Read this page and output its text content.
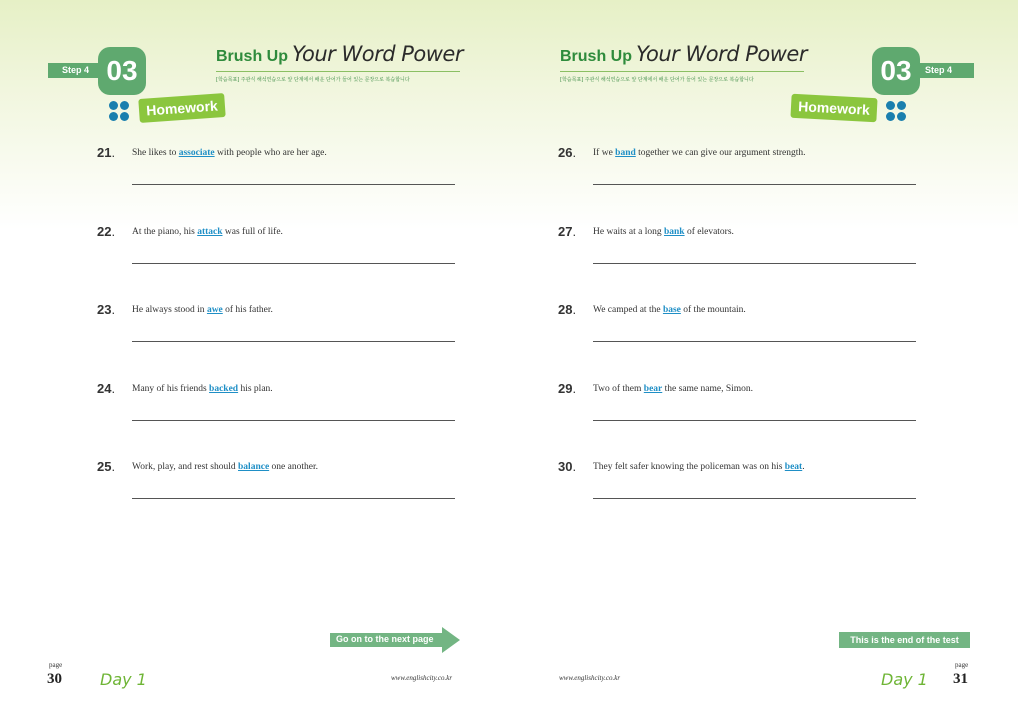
Step 4 03	Brush Up Your Word Power
[학습목표] 주관식 해석연습으로 앞 단계에서 배운 단어가 들어 있는 문장으로 복습합니다
Homework
21.	She likes to associate with people who are her age.
22.	At the piano, his attack was full of life.
23.	He always stood in awe of his father.
24.	Many of his friends backed his plan.
25.	Work, play, and rest should balance one another.
Go on to the next page
page
30 Day 1	www.englishcity.co.kr
Brush Up Your Word Power
[학습목표] 주관식 해석연습으로 앞 단계에서 배운 단어가 들어 있는 문장으로 복습합니다
Step 4
03
Homework
26.	If we band together we can give our argument strength.
27.	He waits at a long bank of elevators.
28.	We camped at the base of the mountain.
29.	Two of them bear the same name, Simon.
30.	They felt safer knowing the policeman was on his beat.
This is the end of the test
www.englishcity.co.kr	Day 1
page
31
